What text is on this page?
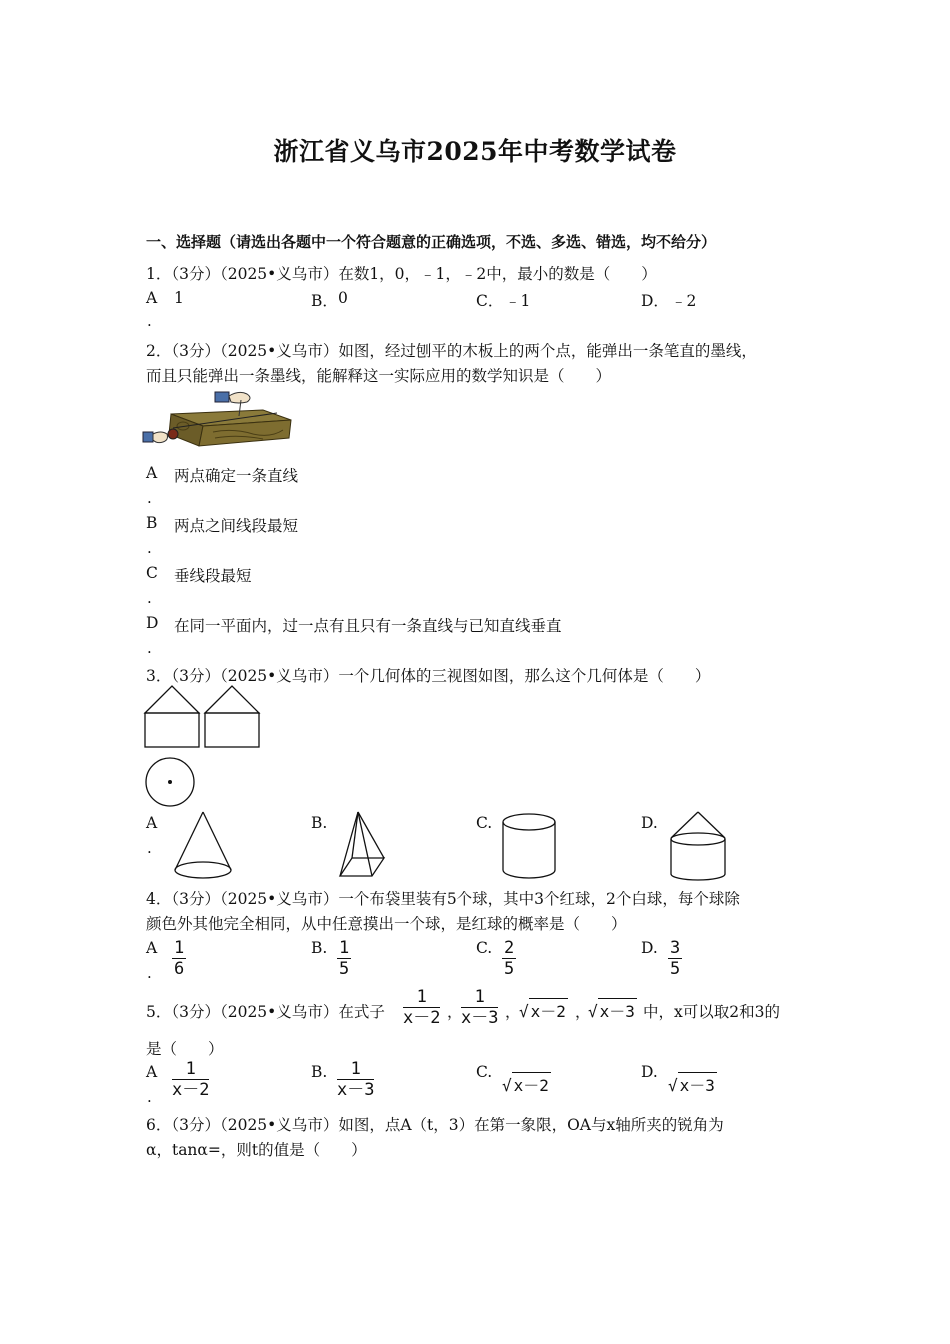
浙江省义乌市2025年中考数学试卷
一、选择题（请选出各题中一个符合题意的正确选项，不选、多选、错选，均不给分）
1．（3分）（2025•义乌市）在数1，0，﹣1，﹣2中，最小的数是（　　）
A 1
.
B． 0	C． ﹣1	D． ﹣2
2．（3分）（2025•义乌市）如图，经过刨平的木板上的两个点，能弹出一条笔直的墨线，
而且只能弹出一条墨线，能解释这一实际应用的数学知识是（　　）
A 两点确定一条直线
.
B 两点之间线段最短
.
C 垂线段最短
.
D 在同一平面内，过一点有且只有一条直线与已知直线垂直
.
3．（3分）（2025•义乌市）一个几何体的三视图如图，那么这个几何体是（　　）
A
.
B.	C.	D.
4．（3分）（2025•义乌市）一个布袋里装有5个球，其中3个红球，2个白球，每个球除
颜色外其他完全相同，从中任意摸出一个球，是红球的概率是（　　）
A
.
1
6
B. 1
5
C. 2
5
D. 3
5
5．（3分）（2025•义乌市）在式子
1
x－2 ，
1
x－3 ，
√ x－2 ，
√ x－3 中，x可以取2和3的
是（　　）
A
.
1
x－2
B.	1
x－3
C.
√ x－2
D.
√ x－3
6．（3分）（2025•义乌市）如图，点A（t，3）在第一象限，OA与x轴所夹的锐角为
α，tanα=，则t的值是（　　）
